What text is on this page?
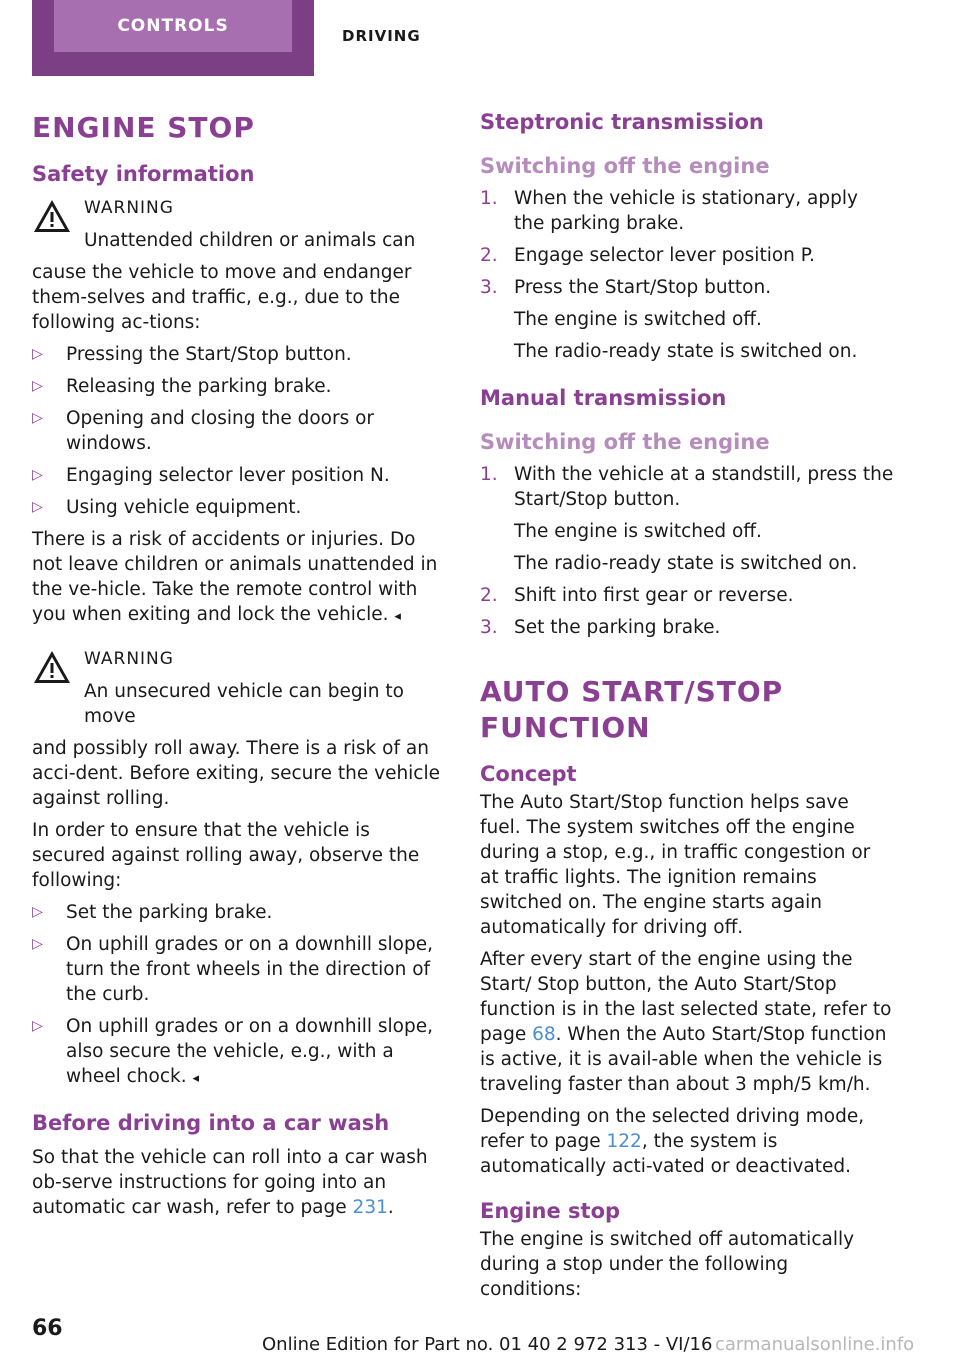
CONTROLS	DRIVING
ENGINE STOP
Safety information
WARNING
Unattended children or animals can

cause the vehicle to move and endanger them‐selves and traffic, e.g., due to the following ac‐tions:

▷ Pressing the Start/Stop button.
▷ Releasing the parking brake.
▷ Opening and closing the doors or windows.
▷ Engaging selector lever position N.
▷ Using vehicle equipment.

There is a risk of accidents or injuries. Do not leave children or animals unattended in the ve‐hicle. Take the remote control with you when exiting and lock the vehicle. ◂

WARNING
An unsecured vehicle can begin to move

and possibly roll away. There is a risk of an acci‐dent. Before exiting, secure the vehicle against rolling.

In order to ensure that the vehicle is secured against rolling away, observe the following:

▷ Set the parking brake.
▷ On uphill grades or on a downhill slope, turn the front wheels in the direction of the curb.
▷ On uphill grades or on a downhill slope, also secure the vehicle, e.g., with a wheel chock. ◂
Before driving into a car wash

So that the vehicle can roll into a car wash ob‐serve instructions for going into an automatic car wash, refer to page 231.

Steptronic transmission
Switching off the engine
1. When the vehicle is stationary, apply the parking brake.
2. Engage selector lever position P.
3. Press the Start/Stop button.
The engine is switched off.
The radio-ready state is switched on.
Manual transmission
Switching off the engine
1. With the vehicle at a standstill, press the Start/Stop button.
The engine is switched off.
The radio-ready state is switched on.
2. Shift into first gear or reverse.
3. Set the parking brake.
AUTO START/STOP FUNCTION
Concept

The Auto Start/Stop function helps save fuel. The system switches off the engine during a stop, e.g., in traffic congestion or at traffic lights. The ignition remains switched on. The engine starts again automatically for driving off.

After every start of the engine using the Start/ Stop button, the Auto Start/Stop function is in the last selected state, refer to page 68. When the Auto Start/Stop function is active, it is avail‐able when the vehicle is traveling faster than about 3 mph/5 km/h.

Depending on the selected driving mode, refer to page 122, the system is automatically acti‐vated or deactivated.

Engine stop

The engine is switched off automatically during a stop under the following conditions:

66
Online Edition for Part no. 01 40 2 972 313 - VI/16 carmanualsonline.info
